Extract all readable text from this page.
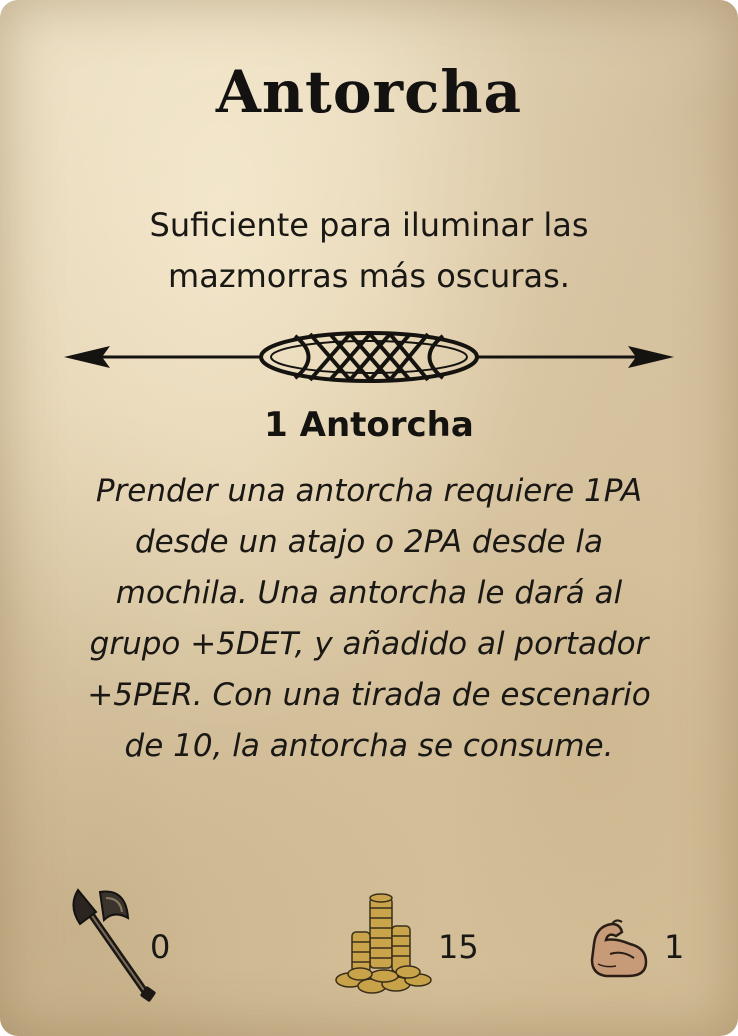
Antorcha
Suficiente para iluminar las
mazmorras más oscuras.
1 Antorcha
Prender una antorcha requiere 1PA
desde un atajo o 2PA desde la
mochila. Una antorcha le dará al
grupo +5DET, y añadido al portador
+5PER. Con una tirada de escenario
de 10, la antorcha se consume.
0	15	1
